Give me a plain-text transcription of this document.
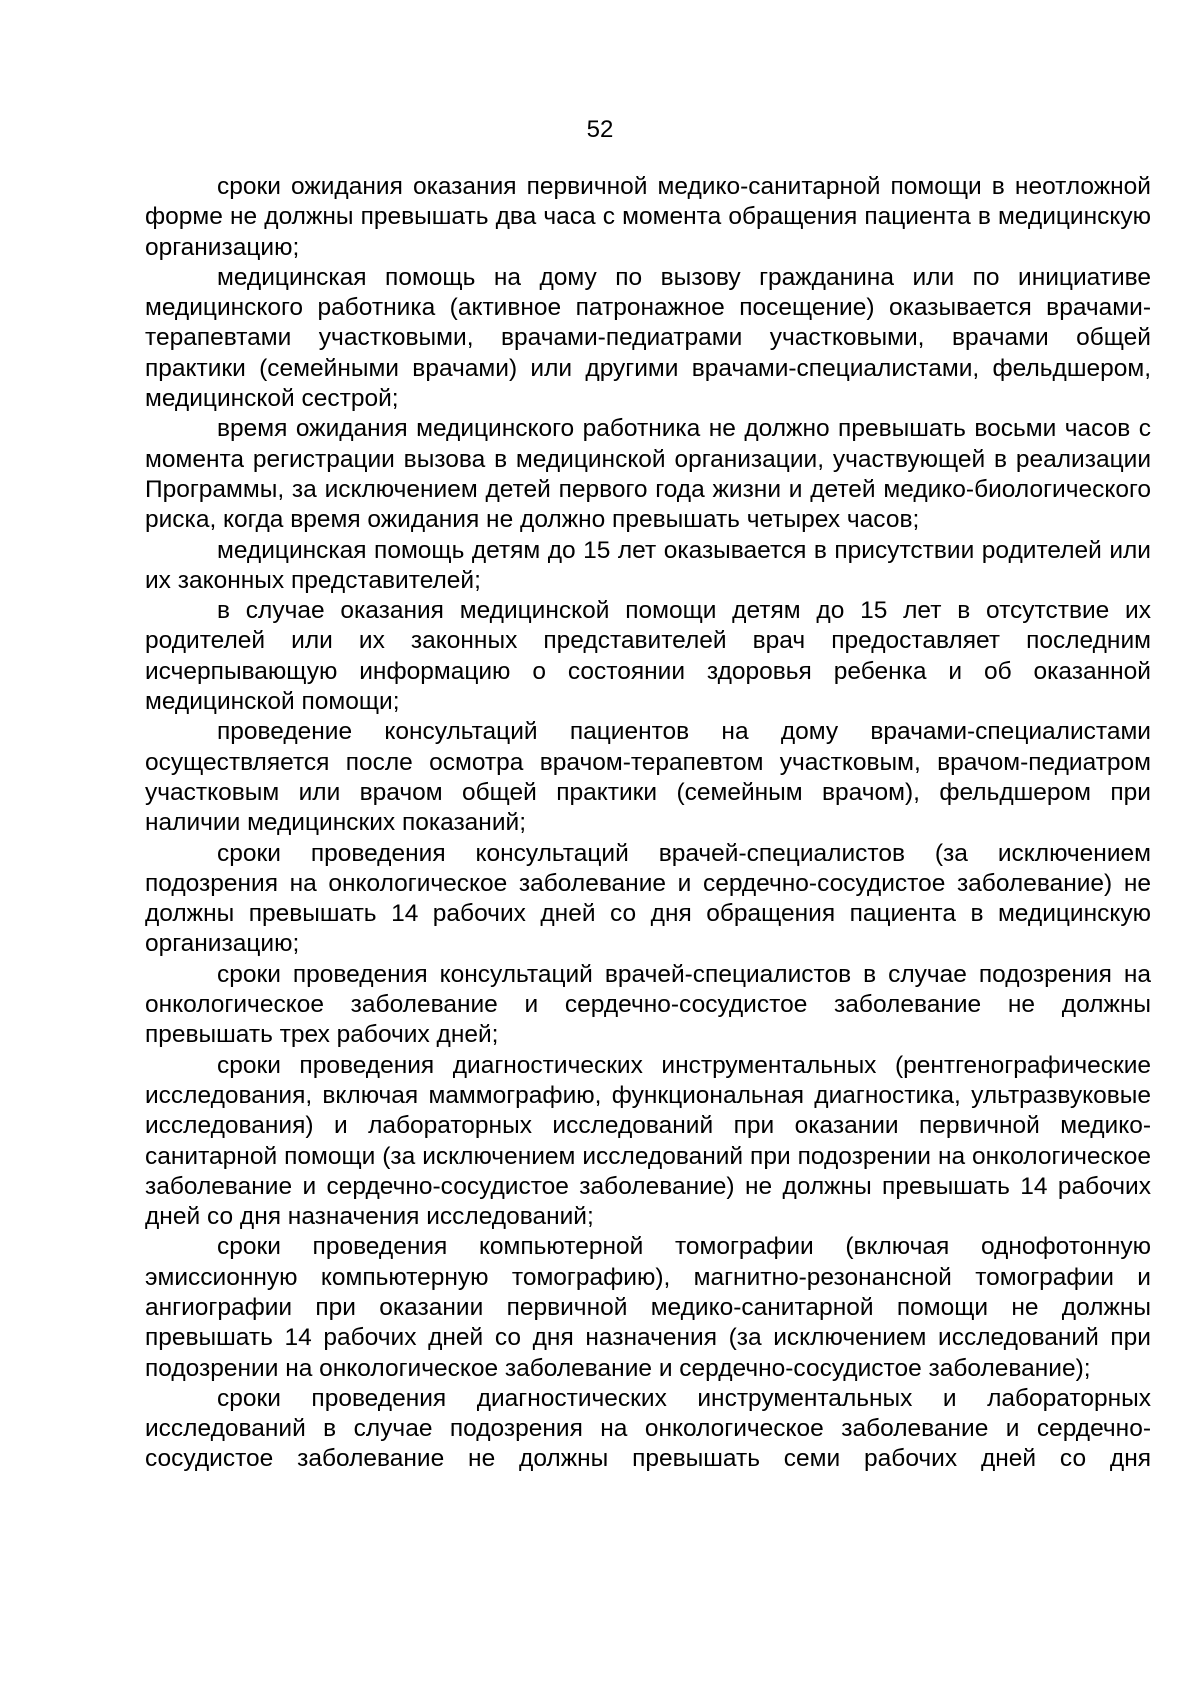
52

сроки ожидания оказания первичной медико-санитарной помощи в неотложной форме не должны превышать два часа с момента обращения пациента в медицинскую организацию;

медицинская помощь на дому по вызову гражданина или по инициативе медицинского работника (активное патронажное посещение) оказывается врачами-терапевтами участковыми, врачами-педиатрами участковыми, врачами общей практики (семейными врачами) или другими врачами-специалистами, фельдшером, медицинской сестрой;

время ожидания медицинского работника не должно превышать восьми часов с момента регистрации вызова в медицинской организации, участвующей в реализации Программы, за исключением детей первого года жизни и детей медико-биологического риска, когда время ожидания не должно превышать четырех часов;

медицинская помощь детям до 15 лет оказывается в присутствии родителей или их законных представителей;

в случае оказания медицинской помощи детям до 15 лет в отсутствие их родителей или их законных представителей врач предоставляет последним исчерпывающую информацию о состоянии здоровья ребенка и об оказанной медицинской помощи;

проведение консультаций пациентов на дому врачами-специалистами осуществляется после осмотра врачом-терапевтом участковым, врачом-педиатром участковым или врачом общей практики (семейным врачом), фельдшером при наличии медицинских показаний;

сроки проведения консультаций врачей-специалистов (за исключением подозрения на онкологическое заболевание и сердечно-сосудистое заболевание) не должны превышать 14 рабочих дней со дня обращения пациента в медицинскую организацию;

сроки проведения консультаций врачей-специалистов в случае подозрения на онкологическое заболевание и сердечно-сосудистое заболевание не должны превышать трех рабочих дней;

сроки проведения диагностических инструментальных (рентгенографические исследования, включая маммографию, функциональная диагностика, ультразвуковые исследования) и лабораторных исследований при оказании первичной медико-санитарной помощи (за исключением исследований при подозрении на онкологическое заболевание и сердечно-сосудистое заболевание) не должны превышать 14 рабочих дней со дня назначения исследований;

сроки проведения компьютерной томографии (включая однофотонную эмиссионную компьютерную томографию), магнитно-резонансной томографии и ангиографии при оказании первичной медико-санитарной помощи не должны превышать 14 рабочих дней со дня назначения (за исключением исследований при подозрении на онкологическое заболевание и сердечно-сосудистое заболевание);

сроки проведения диагностических инструментальных и лабораторных исследований в случае подозрения на онкологическое заболевание и сердечно-сосудистое заболевание не должны превышать семи рабочих дней со дня
